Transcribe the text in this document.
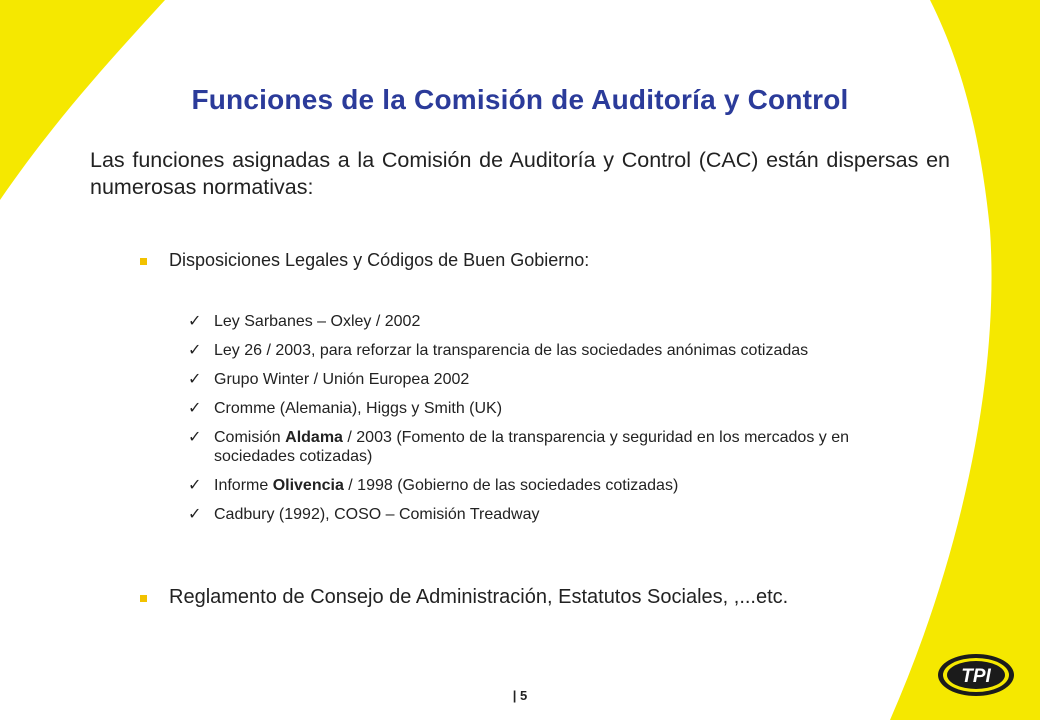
Funciones de la Comisión de Auditoría y Control
Las funciones asignadas a la Comisión de Auditoría y Control (CAC) están dispersas en numerosas normativas:
Disposiciones Legales y Códigos de Buen Gobierno:
✓ Ley Sarbanes – Oxley / 2002
✓ Ley 26 / 2003, para reforzar la transparencia de las sociedades anónimas cotizadas
✓ Grupo Winter / Unión Europea 2002
✓ Cromme (Alemania), Higgs y Smith (UK)
✓ Comisión Aldama / 2003 (Fomento de la transparencia y seguridad en los mercados y en sociedades cotizadas)
✓ Informe Olivencia / 1998 (Gobierno de las sociedades cotizadas)
✓ Cadbury (1992), COSO – Comisión Treadway
Reglamento de Consejo de Administración, Estatutos Sociales, ,...etc.
| 5
TPI
